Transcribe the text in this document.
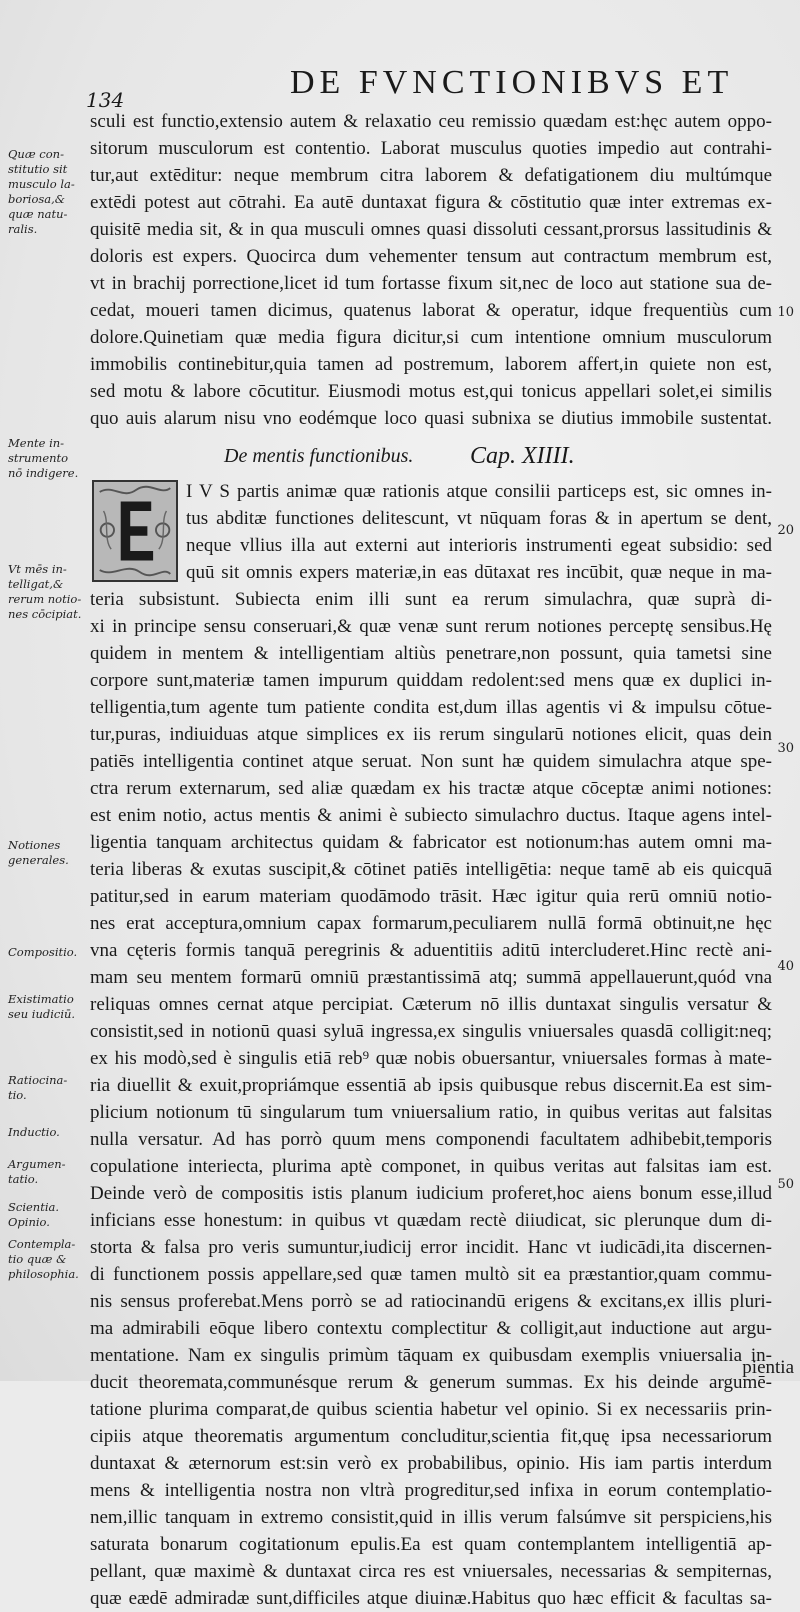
134	DE FVNCTIONIBVS ET
Quæ con-
stitutio sit
musculo la-
boriosa,&
quæ natu-
ralis.
Mente in-
strumento
nō indigere.
Vt mēs in-
telligat,&
rerum notio-
nes cōcipiat.
Notiones
generales.
Compositio.
Existimatio
seu iudiciū.
Ratiocina-
tio.
Inductio.
Argumen-
tatio.
Scientia.
Opinio.
Contempla-
tio quæ &
philosophia.
10
20
30
40
50
sculi est functio,extensio autem & relaxatio ceu remissio quædam est:hęc autem oppo-
sitorum musculorum est contentio. Laborat musculus quoties impedio aut contrahi-
tur,aut extēditur: neque membrum citra laborem & defatigationem diu multúmque
extēdi potest aut cōtrahi. Ea autē duntaxat figura & cōstitutio quæ inter extremas ex-
quisitē media sit, & in qua musculi omnes quasi dissoluti cessant,prorsus lassitudinis &
doloris est expers. Quocirca dum vehementer tensum aut contractum membrum est,
vt in brachij porrectione,licet id tum fortasse fixum sit,nec de loco aut statione sua de-
cedat, moueri tamen dicimus, quatenus laborat & operatur, idque frequentiùs cum
dolore.Quinetiam quæ media figura dicitur,si cum intentione omnium musculorum
immobilis continebitur,quia tamen ad postremum, laborem affert,in quiete non est,
sed motu & labore cōcutitur. Eiusmodi motus est,qui tonicus appellari solet,ei similis
quo auis alarum nisu vno eodémque loco quasi subnixa se diutius immobile sustentat.
De mentis functionibus. Cap. XIIII.
I V S partis animæ quæ rationis atque consilii particeps est, sic omnes in-
tus abditæ functiones delitescunt, vt nūquam foras & in apertum se dent,
neque vllius illa aut externi aut interioris instrumenti egeat subsidio: sed
quū sit omnis expers materiæ,in eas dūtaxat res incūbit, quæ neque in ma-
teria subsistunt. Subiecta enim illi sunt ea rerum simulachra, quæ suprà di-
xi in principe sensu conseruari,& quæ venæ sunt rerum notiones perceptę sensibus.Hę
quidem in mentem & intelligentiam altiùs penetrare,non possunt, quia tametsi sine
corpore sunt,materiæ tamen impurum quiddam redolent:sed mens quæ ex duplici in-
telligentia,tum agente tum patiente condita est,dum illas agentis vi & impulsu cōtue-
tur,puras, indiuiduas atque simplices ex iis rerum singularū notiones elicit, quas dein
patiēs intelligentia continet atque seruat. Non sunt hæ quidem simulachra atque spe-
ctra rerum externarum, sed aliæ quædam ex his tractæ atque cōceptæ animi notiones:
est enim notio, actus mentis & animi è subiecto simulachro ductus. Itaque agens intel-
ligentia tanquam architectus quidam & fabricator est notionum:has autem omni ma-
teria liberas & exutas suscipit,& cōtinet patiēs intelligētia: neque tamē ab eis quicquā
patitur,sed in earum materiam quodāmodo trāsit. Hæc igitur quia rerū omniū notio-
nes erat acceptura,omnium capax formarum,peculiarem nullā formā obtinuit,ne hęc
vna cęteris formis tanquā peregrinis & aduentitiis aditū intercluderet.Hinc rectè ani-
mam seu mentem formarū omniū præstantissimā atq; summā appellauerunt,quód vna
reliquas omnes cernat atque percipiat. Cæterum nō illis duntaxat singulis versatur &
consistit,sed in notionū quasi syluā ingressa,ex singulis vniuersales quasdā colligit:neq;
ex his modò,sed è singulis etiā reb⁹ quæ nobis obuersantur, vniuersales formas à mate-
ria diuellit & exuit,propriámque essentiā ab ipsis quibusque rebus discernit.Ea est sim-
plicium notionum tū singularum tum vniuersalium ratio, in quibus veritas aut falsitas
nulla versatur. Ad has porrò quum mens componendi facultatem adhibebit,temporis
copulatione interiecta, plurima aptè componet, in quibus veritas aut falsitas iam est.
Deinde verò de compositis istis planum iudicium proferet,hoc aiens bonum esse,illud
inficians esse honestum: in quibus vt quædam rectè diiudicat, sic plerunque dum di-
storta & falsa pro veris sumuntur,iudicij error incidit. Hanc vt iudicādi,ita discernen-
di functionem possis appellare,sed quæ tamen multò sit ea præstantior,quam commu-
nis sensus proferebat.Mens porrò se ad ratiocinandū erigens & excitans,ex illis pluri-
ma admirabili eōque libero contextu complectitur & colligit,aut inductione aut argu-
mentatione. Nam ex singulis primùm tāquam ex quibusdam exemplis vniuersalia in-
ducit theoremata,communésque rerum & generum summas. Ex his deinde argumē-
tatione plurima comparat,de quibus scientia habetur vel opinio. Si ex necessariis prin-
cipiis atque theorematis argumentum concluditur,scientia fit,quę ipsa necessariorum
duntaxat & æternorum est:sin verò ex probabilibus, opinio. His iam partis interdum
mens & intelligentia nostra non vltrà progreditur,sed infixa in eorum contemplatio-
nem,illic tanquam in extremo consistit,quid in illis verum falsúmve sit perspiciens,his
saturata bonarum cogitationum epulis.Ea est quam contemplantem intelligentiā ap-
pellant, quæ maximè & duntaxat circa res est vniuersales, necessarias & sempiternas,
quæ eædē admiradæ sunt,difficiles atque diuinæ.Habitus quo hæc efficit & facultas sa-
pientia
